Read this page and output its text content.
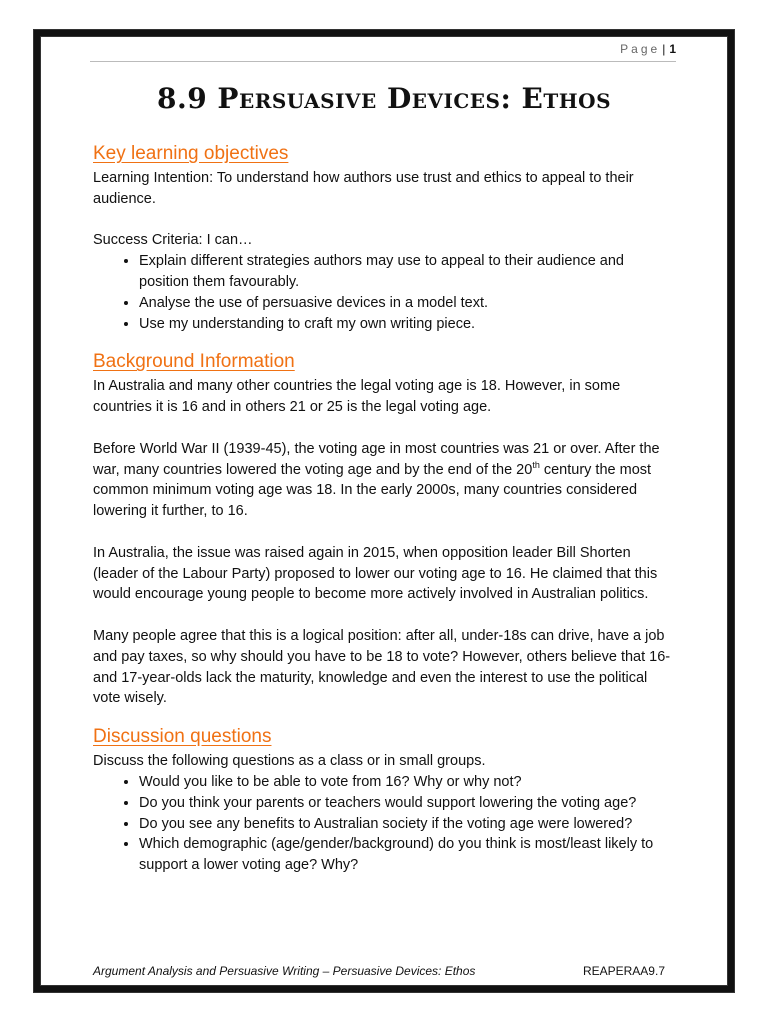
Page | 1
8.9 Persuasive Devices: Ethos
Key learning objectives

Learning Intention: To understand how authors use trust and ethics to appeal to their audience.

Success Criteria: I can…

• Explain different strategies authors may use to appeal to their audience and position them favourably.
• Analyse the use of persuasive devices in a model text.
• Use my understanding to craft my own writing piece.
Background Information

In Australia and many other countries the legal voting age is 18. However, in some countries it is 16 and in others 21 or 25 is the legal voting age.

Before World War II (1939-45), the voting age in most countries was 21 or over. After the war, many countries lowered the voting age and by the end of the 20th century the most common minimum voting age was 18. In the early 2000s, many countries considered lowering it further, to 16.

In Australia, the issue was raised again in 2015, when opposition leader Bill Shorten (leader of the Labour Party) proposed to lower our voting age to 16. He claimed that this would encourage young people to become more actively involved in Australian politics.

Many people agree that this is a logical position: after all, under-18s can drive, have a job and pay taxes, so why should you have to be 18 to vote? However, others believe that 16- and 17-year-olds lack the maturity, knowledge and even the interest to use the political vote wisely.

Discussion questions

Discuss the following questions as a class or in small groups.

• Would you like to be able to vote from 16? Why or why not?
• Do you think your parents or teachers would support lowering the voting age?
• Do you see any benefits to Australian society if the voting age were lowered?
• Which demographic (age/gender/background) do you think is most/least likely to support a lower voting age? Why?
Argument Analysis and Persuasive Writing – Persuasive Devices: Ethos	REAPERAA9.7
